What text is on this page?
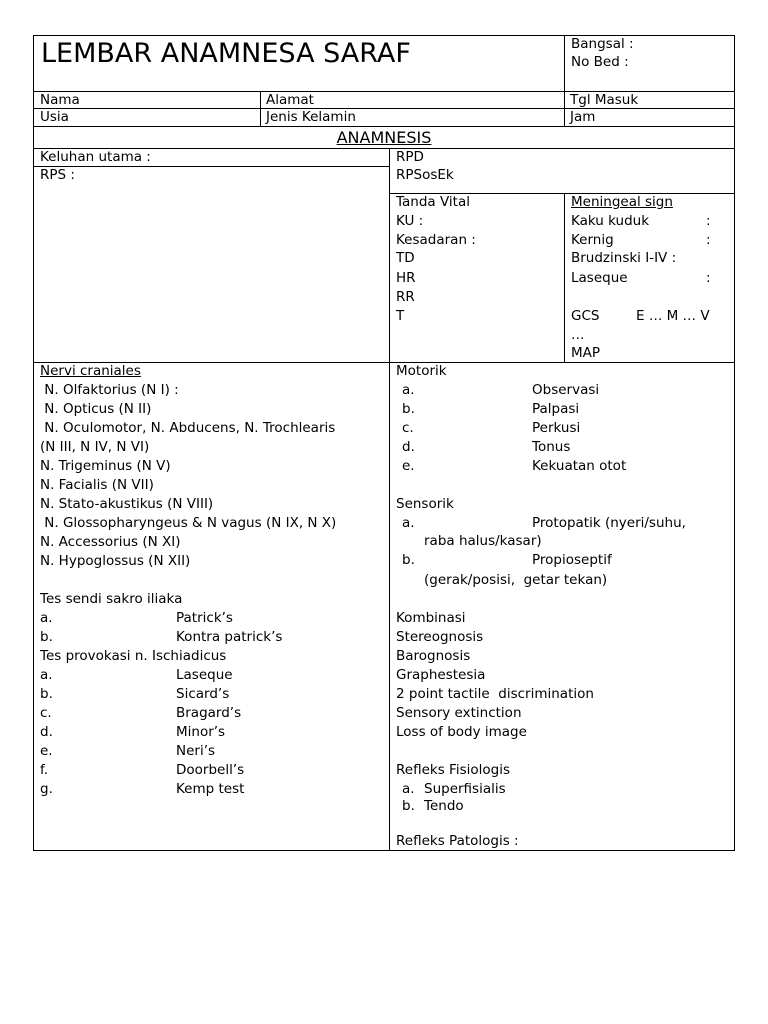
LEMBAR ANAMNESA SARAF	Bangsal :
No Bed :
Nama	Alamat	Tgl Masuk
Usia	Jenis Kelamin	Jam
ANAMNESIS
Keluhan utama :
RPS :
RPD
RPSosEk
Tanda Vital
KU :
Kesadaran :
TD
HR
RR
T
Meningeal sign
Kaku kuduk	:
Kernig	:
Brudzinski I-IV :
Laseque	:
GCS	E … M … V
…
MAP
Nervi craniales
N. Olfaktorius (N I) :
N. Opticus (N II)
N. Oculomotor, N. Abducens, N. Trochlearis
(N III, N IV, N VI)
N. Trigeminus (N V)
N. Facialis (N VII)
N. Stato-akustikus (N VIII)
N. Glossopharyngeus & N vagus (N IX, N X)
N. Accessorius (N XI)
N. Hypoglossus (N XII)
Tes sendi sakro iliaka
a.	Patrick’s
b.	Kontra patrick’s
Tes provokasi n. Ischiadicus
a.	Laseque
b.	Sicard’s
c.	Bragard’s
d.	Minor’s
e.	Neri’s
f.	Doorbell’s
g.	Kemp test
Motorik
a.	Observasi
b.	Palpasi
c.	Perkusi
d.	Tonus
e.	Kekuatan otot
Sensorik
a.	Protopatik (nyeri/suhu,
raba halus/kasar)
b.	Propioseptif
(gerak/posisi,  getar tekan)
Kombinasi
Stereognosis
Barognosis
Graphestesia
2 point tactile  discrimination
Sensory extinction
Loss of body image
Refleks Fisiologis
a. Superfisialis
b. Tendo
Refleks Patologis :
